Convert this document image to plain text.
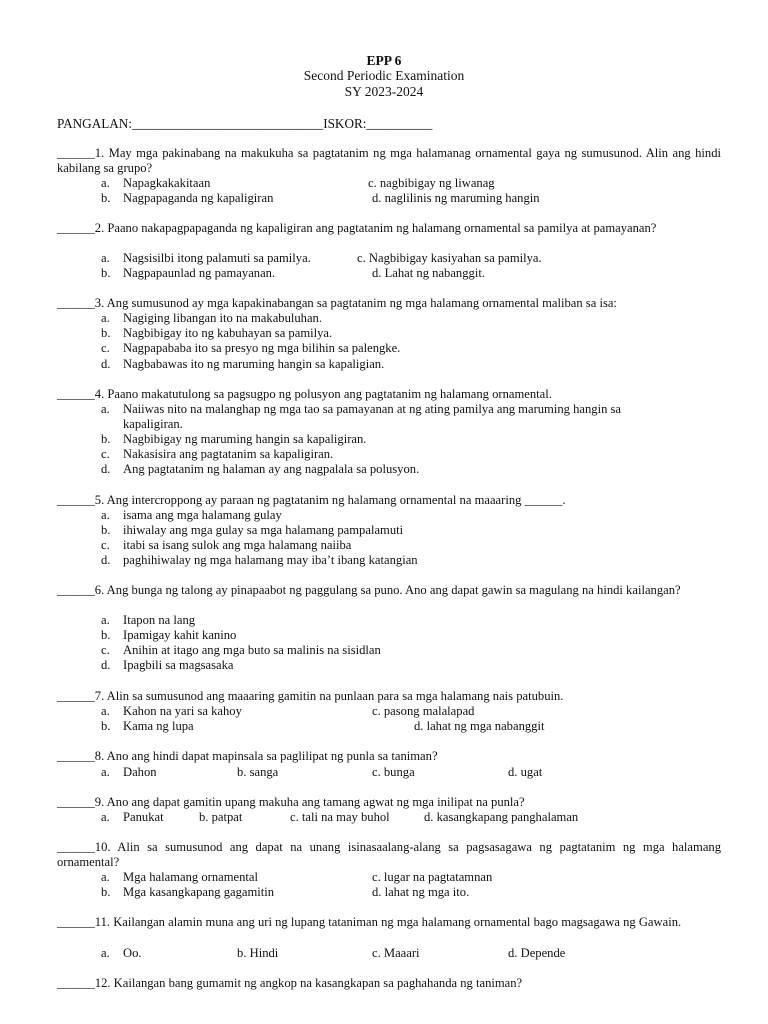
EPP 6
Second Periodic Examination
SY 2023-2024
PANGALAN:_____________________________ISKOR:__________
______1. May mga pakinabang na makukuha sa pagtatanim ng mga halamanag ornamental gaya ng sumusunod. Alin ang hindi kabilang sa grupo?
a. Napagkakakitaan
b. Nagpapaganda ng kapaligiran
c. nagbibigay ng liwanag
d. naglilinis ng maruming hangin
______2. Paano nakapagpapaganda ng kapaligiran ang pagtatanim ng halamang ornamental sa pamilya at pamayanan?
a. Nagsisilbi itong palamuti sa pamilya.
b. Nagpapaunlad ng pamayanan.
c. Nagbibigay kasiyahan sa pamilya.
d. Lahat ng nabanggit.
______3. Ang sumusunod ay mga kapakinabangan sa pagtatanim ng mga halamang ornamental maliban sa isa:
a. Nagiging libangan ito na makabuluhan.
b. Nagbibigay ito ng kabuhayan sa pamilya.
c. Nagpapababa ito sa presyo ng mga bilihin sa palengke.
d. Nagbabawas ito ng maruming hangin sa kapaligian.
______4. Paano makatutulong sa pagsugpo ng polusyon ang pagtatanim ng halamang ornamental.
a. Naiiwas nito na malanghap ng mga tao sa pamayanan at ng ating pamilya ang maruming hangin sa
kapaligiran.
b. Nagbibigay ng maruming hangin sa kapaligiran.
c. Nakasisira ang pagtatanim sa kapaligiran.
d. Ang pagtatanim ng halaman ay ang nagpalala sa polusyon.
______5. Ang intercroppong ay paraan ng pagtatanim ng halamang ornamental na maaaring ______.
a. isama ang mga halamang gulay
b. ihiwalay ang mga gulay sa mga halamang pampalamuti
c. itabi sa isang sulok ang mga halamang naiiba
d. paghihiwalay ng mga halamang may iba’t ibang katangian
______6. Ang bunga ng talong ay pinapaabot ng paggulang sa puno. Ano ang dapat gawin sa magulang na hindi kailangan?
a. Itapon na lang
b. Ipamigay kahit kanino
c. Anihin at itago ang mga buto sa malinis na sisidlan
d. Ipagbili sa magsasaka
______7. Alin sa sumusunod ang maaaring gamitin na punlaan para sa mga halamang nais patubuin.
a. Kahon na yari sa kahoy
b. Kama ng lupa
c. pasong malalapad
d. lahat ng mga nabanggit
______8. Ano ang hindi dapat mapinsala sa paglilipat ng punla sa taniman?
a. Dahon	b. sanga	c. bunga	d. ugat
______9. Ano ang dapat gamitin upang makuha ang tamang agwat ng mga inilipat na punla?
a. Panukat	b. patpat	c. tali na may buhol	d. kasangkapang panghalaman
______10. Alin sa sumusunod ang dapat na unang isinasaalang-alang sa pagsasagawa ng pagtatanim ng mga halamang ornamental?
a. Mga halamang ornamental
b. Mga kasangkapang gagamitin
c. lugar na pagtatamnan
d. lahat ng mga ito.
______11. Kailangan alamin muna ang uri ng lupang tataniman ng mga halamang ornamental bago magsagawa ng Gawain.
a. Oo.	b. Hindi	c. Maaari	d. Depende
______12. Kailangan bang gumamit ng angkop na kasangkapan sa paghahanda ng taniman?
